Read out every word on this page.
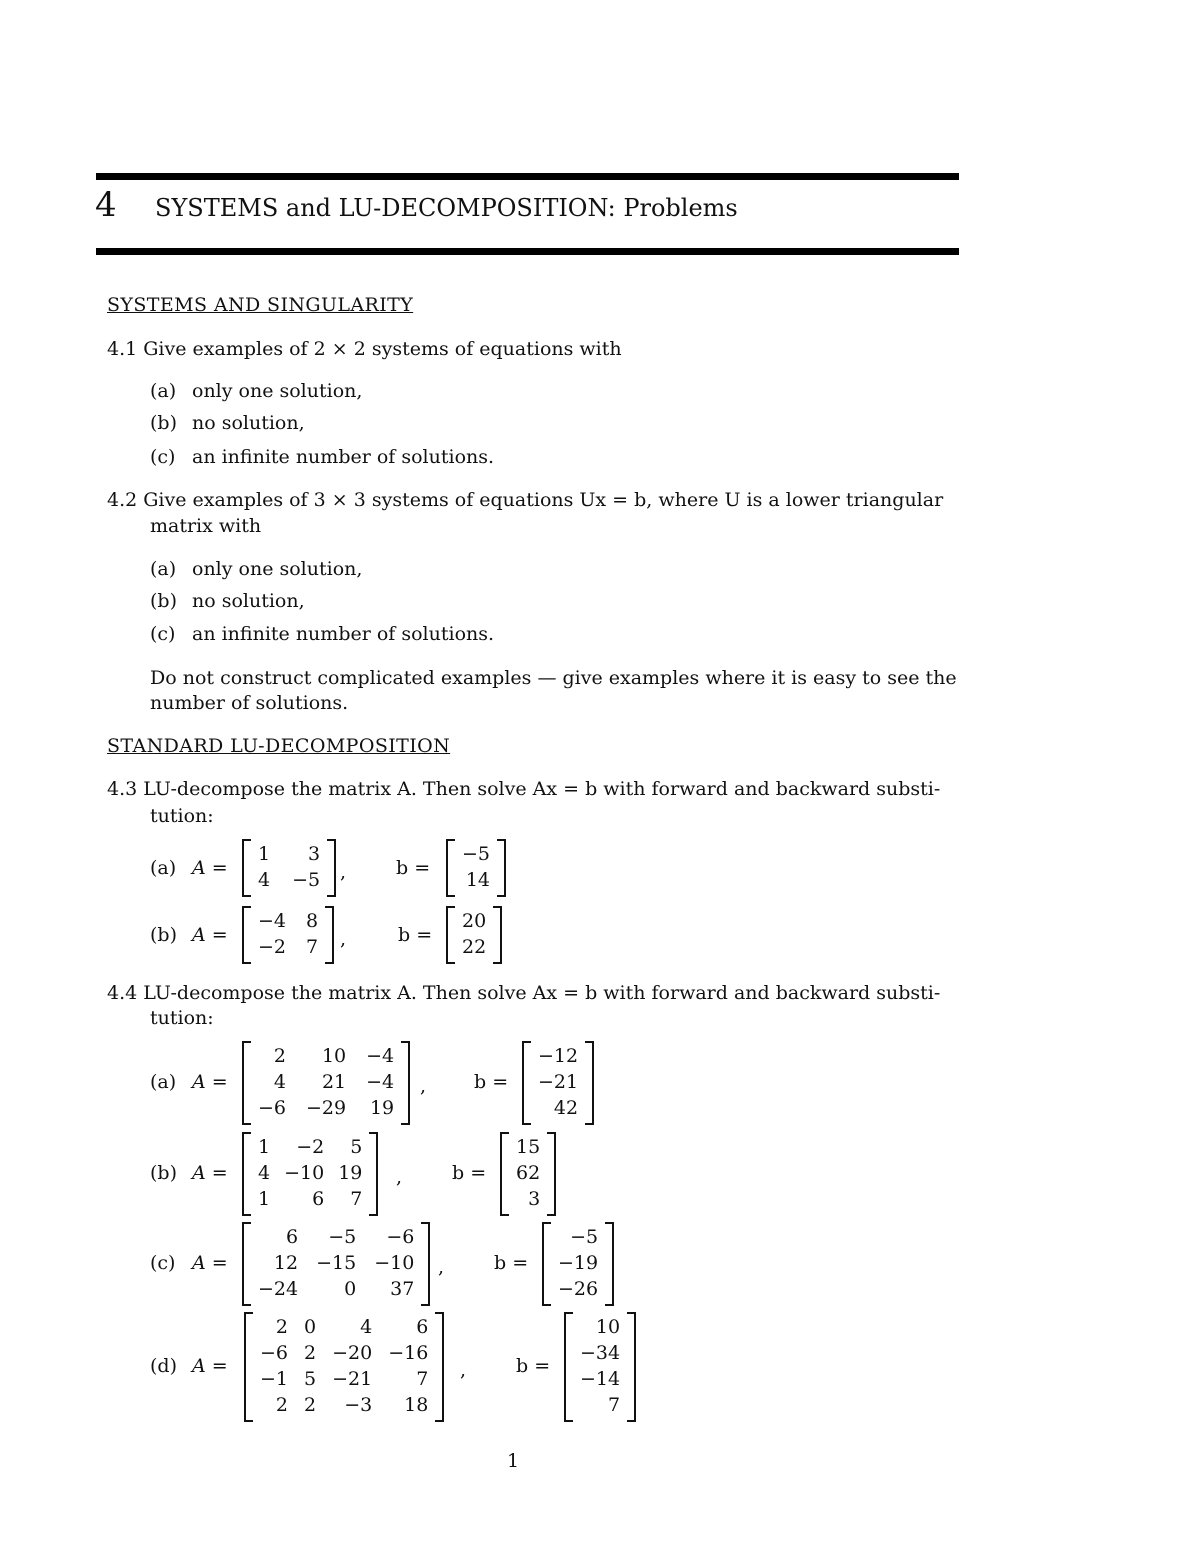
4 SYSTEMS and LU-DECOMPOSITION: Problems
SYSTEMS AND SINGULARITY
4.1 Give examples of 2 × 2 systems of equations with
(a) only one solution,
(b) no solution,
(c) an infinite number of solutions.
4.2 Give examples of 3 × 3 systems of equations Ux = b, where U is a lower triangular
matrix with
(a) only one solution,
(b) no solution,
(c) an infinite number of solutions.
Do not construct complicated examples — give examples where it is easy to see the
number of solutions.
STANDARD LU-DECOMPOSITION
4.3 LU-decompose the matrix A. Then solve Ax = b with forward and backward substi-
tution:
(a) A =
1	3
4 −5 ,	b =
−5
14
(b) A =
−4 8
−2 7 ,	b =
20
22
4.4 LU-decompose the matrix A. Then solve Ax = b with forward and backward substi-
tution:
(a) A =
2	10 −4
4	21 −4
−6 −29 19
,	b =
−12
−21
42
(b) A =
1	−2	5
4 −10 19
1	6	7
,	b =
15
62
3
(c) A =
6	−5	−6
12 −15 −10
−24	0	37
,	b =
−5
−19
−26
(d) A =
2 0	4	6
−6 2 −20 −16
−1 5 −21	7
2 2	−3	18
,	b =
10
−34
−14
7
1
